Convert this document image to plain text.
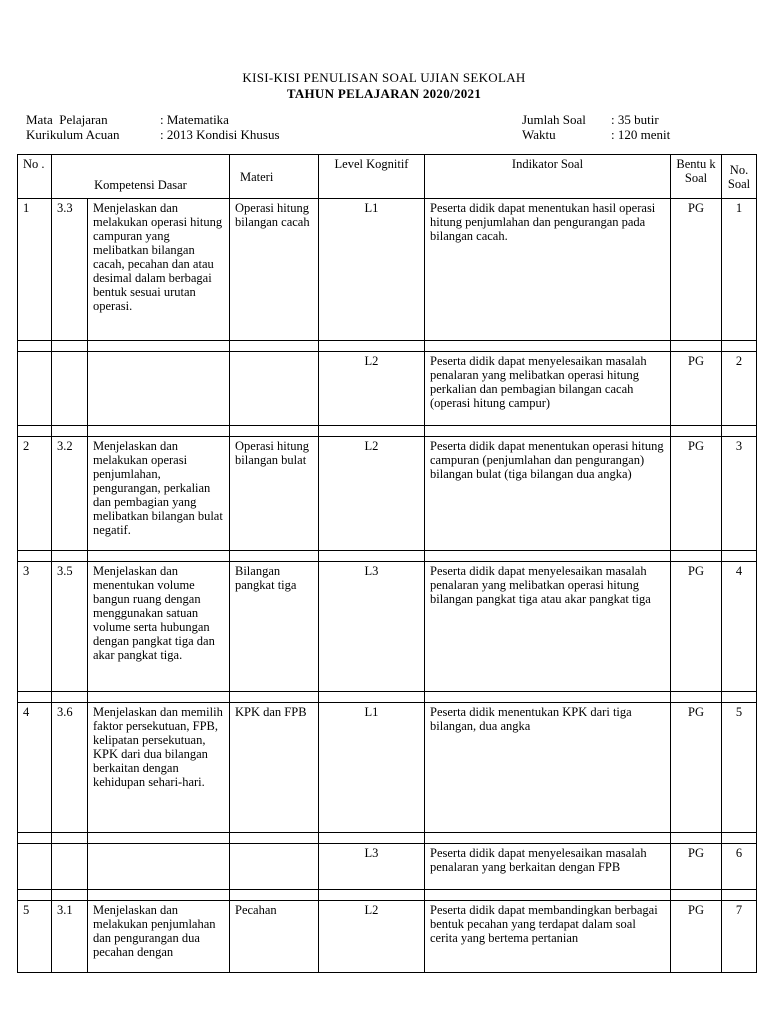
KISI-KISI PENULISAN SOAL UJIAN SEKOLAH
TAHUN PELAJARAN 2020/2021
Mata  Pelajaran	: Matematika
Kurikulum Acuan	: 2013 Kondisi Khusus
Jumlah Soal : 35 butir
Waktu	: 120 menit
No .	Kompetensi Dasar		Materi	Level Kognitif	Indikator Soal	Bentu k Soal	No. Soal
1	3.3	Menjelaskan dan melakukan operasi hitung campuran yang melibatkan bilangan cacah, pecahan dan atau desimal dalam berbagai bentuk sesuai urutan operasi.	Operasi hitung bilangan cacah	L1	Peserta didik dapat menentukan hasil operasi hitung penjumlahan dan pengurangan pada bilangan cacah.	PG	1

				L2	Peserta didik dapat menyelesaikan masalah penalaran yang melibatkan operasi hitung perkalian dan pembagian bilangan cacah (operasi hitung campur)	PG	2

2	3.2	Menjelaskan dan melakukan operasi penjumlahan, pengurangan, perkalian dan pembagian yang melibatkan bilangan bulat negatif.	Operasi hitung bilangan bulat	L2	Peserta didik dapat menentukan operasi hitung campuran (penjumlahan dan pengurangan) bilangan bulat (tiga bilangan dua angka)	PG	3

3	3.5	Menjelaskan dan menentukan volume bangun ruang dengan menggunakan satuan volume serta hubungan dengan pangkat tiga dan akar pangkat tiga.	Bilangan pangkat tiga	L3	Peserta didik dapat menyelesaikan masalah penalaran yang melibatkan operasi hitung bilangan pangkat tiga atau akar pangkat tiga	PG	4

4	3.6	Menjelaskan dan memilih faktor persekutuan, FPB, kelipatan persekutuan, KPK dari dua bilangan berkaitan dengan kehidupan sehari-hari.	KPK dan FPB	L1	Peserta didik menentukan KPK dari tiga bilangan, dua angka	PG	5

				L3	Peserta didik dapat menyelesaikan masalah penalaran yang berkaitan dengan FPB	PG	6

5	3.1	Menjelaskan dan melakukan penjumlahan dan pengurangan dua pecahan dengan	Pecahan	L2	Peserta didik dapat membandingkan berbagai bentuk pecahan yang terdapat dalam soal cerita yang bertema pertanian	PG	7
